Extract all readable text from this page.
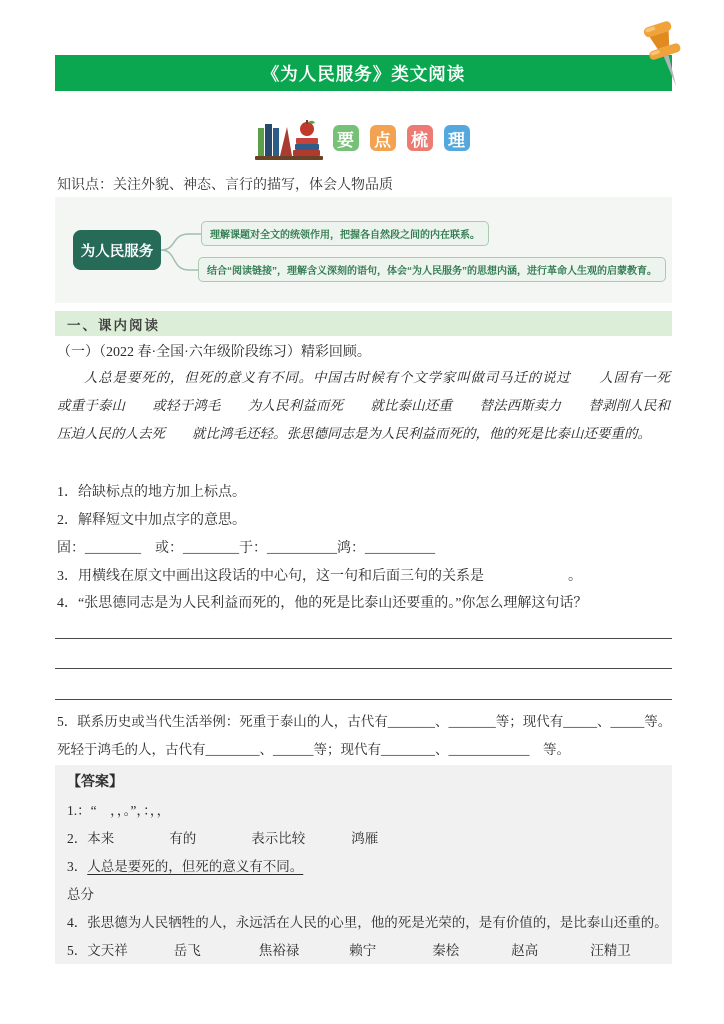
《为人民服务》类文阅读
要 点 梳 理
知识点：关注外貌、神态、言行的描写，体会人物品质
为人民服务
理解课题对全文的统领作用，把握各自然段之间的内在联系。
结合“阅读链接”，理解含义深刻的语句，体会“为人民服务”的思想内涵，进行革命人生观的启蒙教育。
一、课内阅读
（一）（2022 春·全国·六年级阶段练习）精彩回顾。
人总是要死的，但死的意义有不同。中国古时候有个文学家叫做司马迁的说过　　人固有一死　　或重于泰山　　或轻于鸿毛　　为人民利益而死　　就比泰山还重　　替法西斯卖力　　替剥削人民和压迫人民的人去死　　就比鸿毛还轻。张思德同志是为人民利益而死的，他的死是比泰山还要重的。
1．给缺标点的地方加上标点。
2．解释短文中加点字的意思。
固：________　或：________于：__________鸿：__________
3．用横线在原文中画出这段话的中心句，这一句和后面三句的关系是　　　　　　。
4．“张思德同志是为人民利益而死的，他的死是比泰山还要重的。”你怎么理解这句话？
5．联系历史或当代生活举例：死重于泰山的人，古代有_______、_______等；现代有_____、_____等。
死轻于鸿毛的人，古代有________、______等；现代有________、____________　等。
【答案】
1.：“　，，。”，：，，
2．本来	有的	表示比较	鸿雁
3．人总是要死的，但死的意义有不同。
总分
4．张思德为人民牺牲的人，永远活在人民的心里，他的死是光荣的，是有价值的，是比泰山还重的。
5．文天祥	岳飞	焦裕禄	赖宁	秦桧	赵高	汪精卫
